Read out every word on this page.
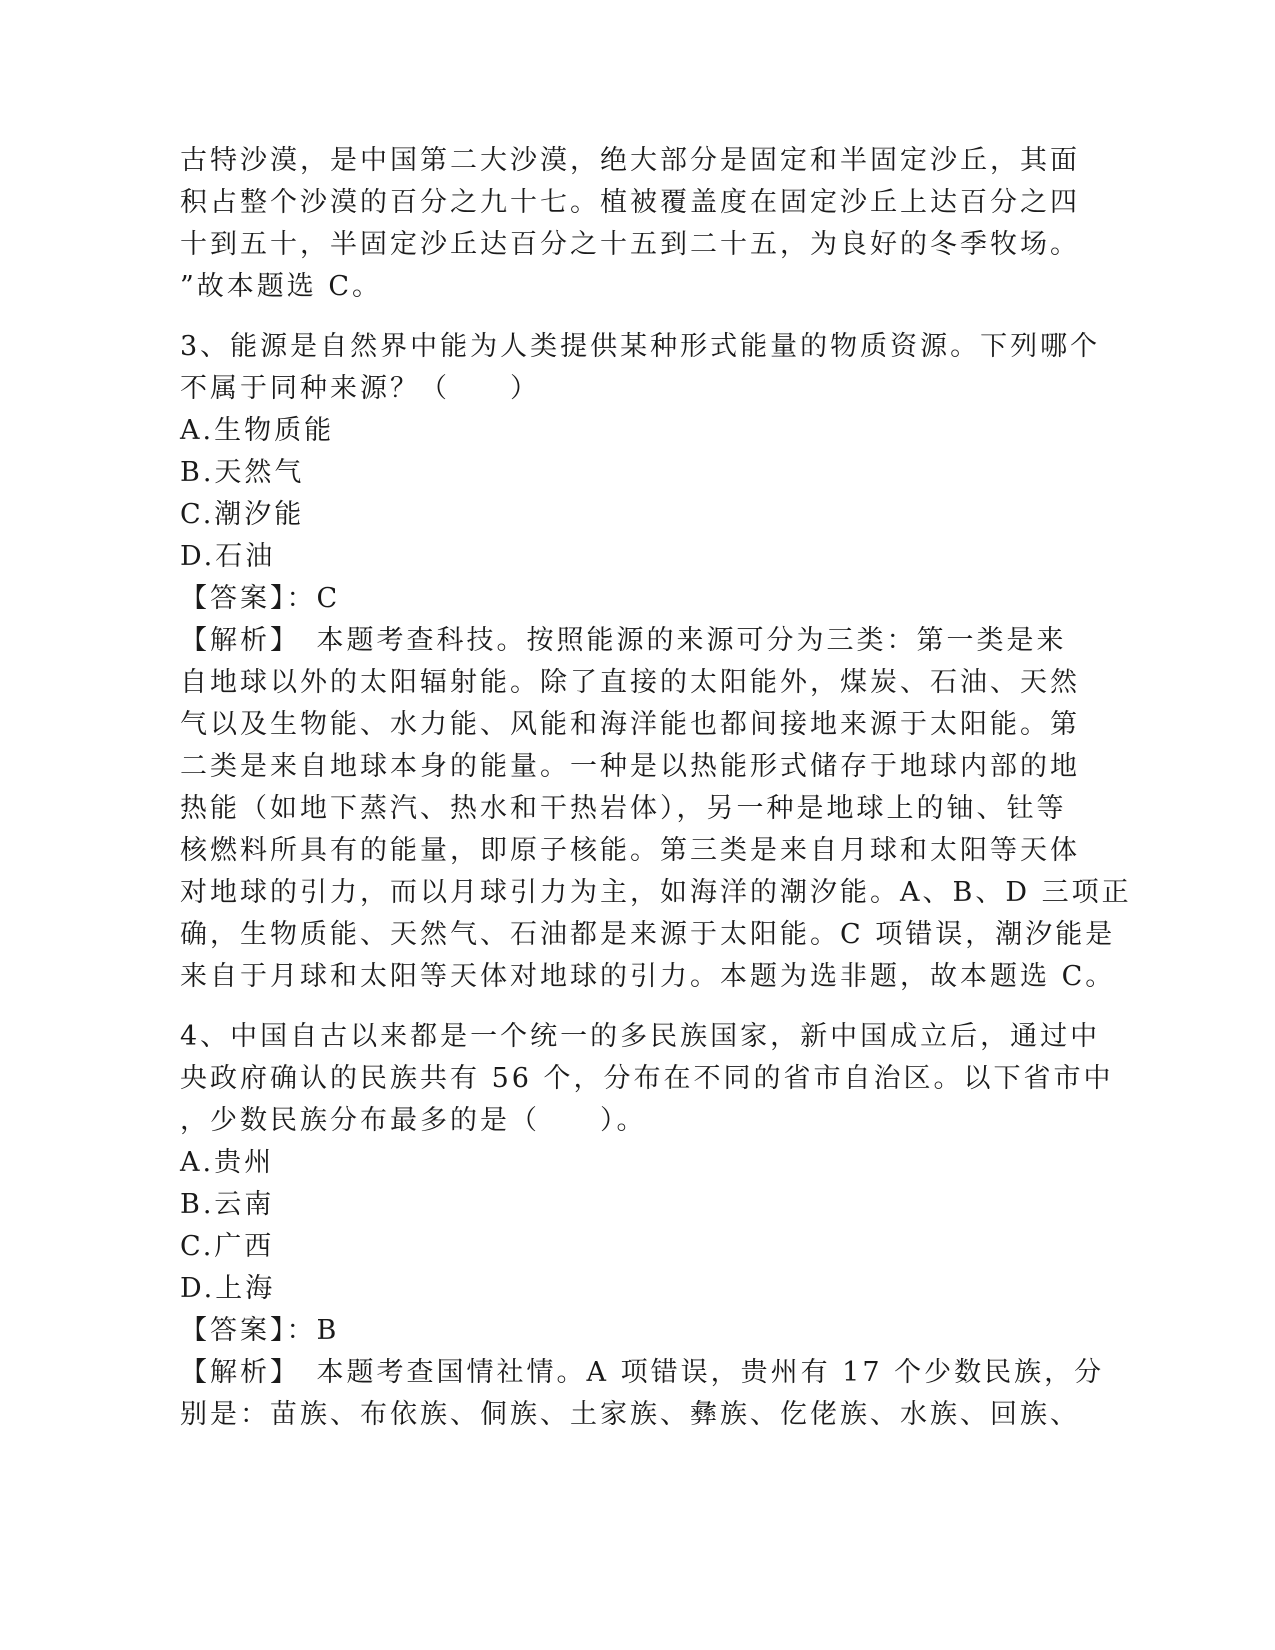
古特沙漠，是中国第二大沙漠，绝大部分是固定和半固定沙丘，其面
积占整个沙漠的百分之九十七。植被覆盖度在固定沙丘上达百分之四
十到五十，半固定沙丘达百分之十五到二十五，为良好的冬季牧场。
”故本题选 C。
3、能源是自然界中能为人类提供某种形式能量的物质资源。下列哪个
不属于同种来源？（　　）
A.生物质能
B.天然气
C.潮汐能
D.石油
【答案】：C
【解析】　本题考查科技。按照能源的来源可分为三类：第一类是来
自地球以外的太阳辐射能。除了直接的太阳能外，煤炭、石油、天然
气以及生物能、水力能、风能和海洋能也都间接地来源于太阳能。第
二类是来自地球本身的能量。一种是以热能形式储存于地球内部的地
热能（如地下蒸汽、热水和干热岩体），另一种是地球上的铀、钍等
核燃料所具有的能量，即原子核能。第三类是来自月球和太阳等天体
对地球的引力，而以月球引力为主，如海洋的潮汐能。A、B、D 三项正
确，生物质能、天然气、石油都是来源于太阳能。C 项错误，潮汐能是
来自于月球和太阳等天体对地球的引力。本题为选非题，故本题选 C。
4、中国自古以来都是一个统一的多民族国家，新中国成立后，通过中
央政府确认的民族共有 56 个，分布在不同的省市自治区。以下省市中
，少数民族分布最多的是（　　）。
A.贵州
B.云南
C.广西
D.上海
【答案】：B
【解析】　本题考查国情社情。A 项错误，贵州有 17 个少数民族，分
别是：苗族、布依族、侗族、土家族、彝族、仡佬族、水族、回族、
